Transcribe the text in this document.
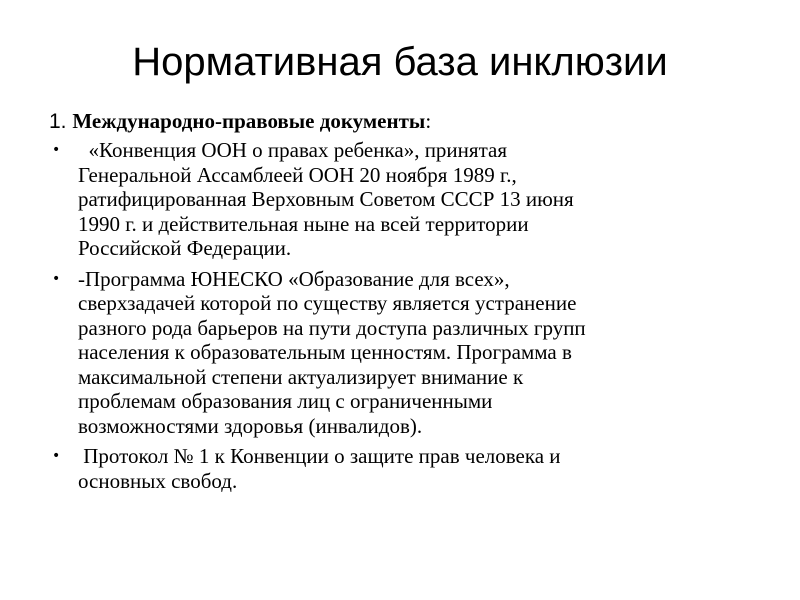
Нормативная база инклюзии
1. Международно-правовые документы:
• «Конвенция ООН о правах ребенка», принятая
Генеральной Ассамблеей ООН 20 ноября 1989 г.,
ратифицированная Верховным Советом СССР 13 июня
1990 г. и действительная ныне на всей территории
Российской Федерации.
• -Программа ЮНЕСКО «Образование для всех»,
сверхзадачей которой по существу является устранение
разного рода барьеров на пути доступа различных групп
населения к образовательным ценностям. Программа в
максимальной степени актуализирует внимание к
проблемам образования лиц с ограниченными
возможностями здоровья (инвалидов).
• Протокол № 1 к Конвенции о защите прав человека и
основных свобод.
